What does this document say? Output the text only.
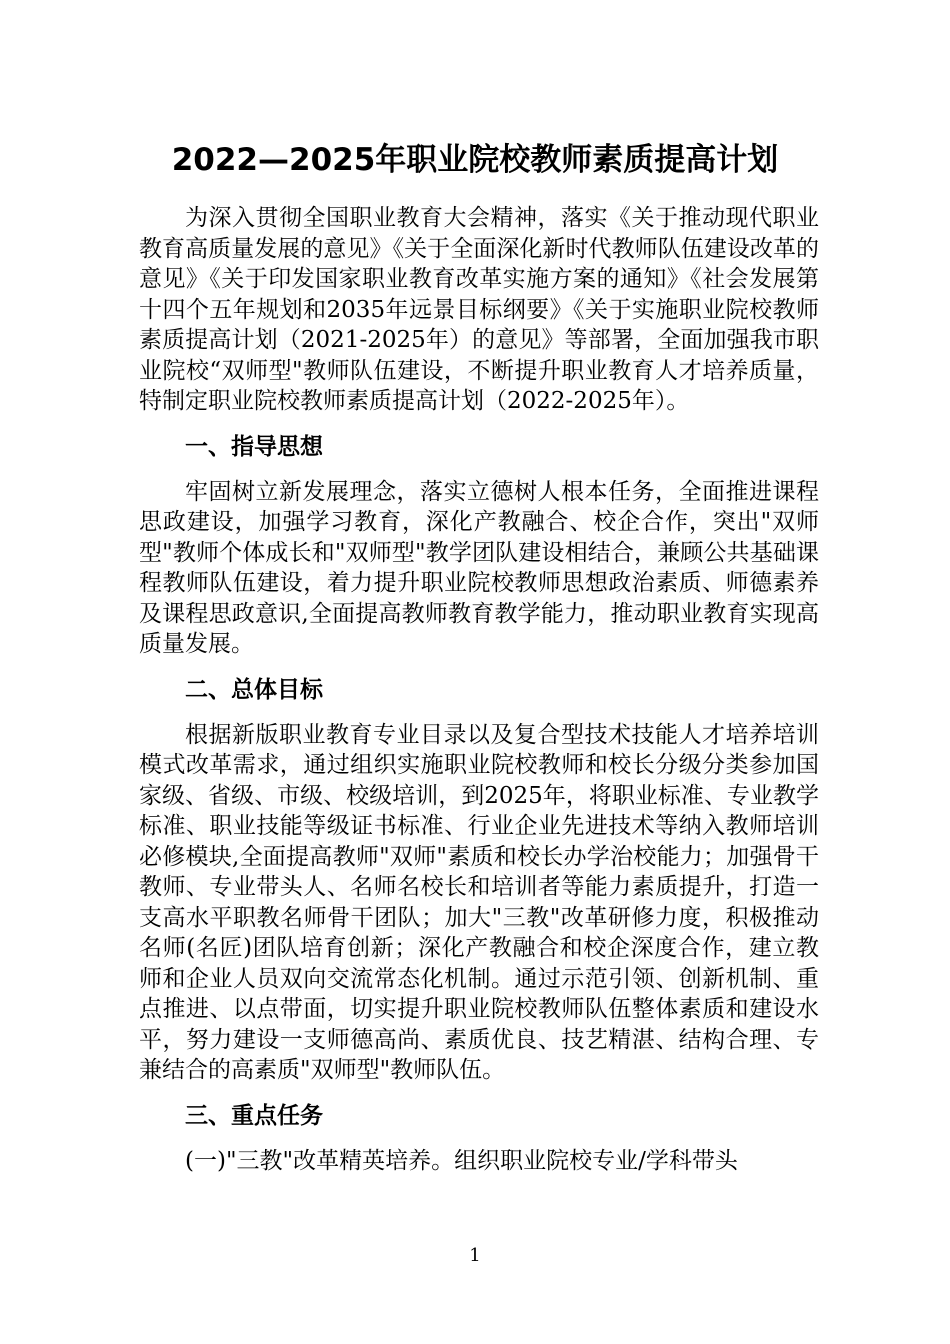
2022—2025年职业院校教师素质提高计划

为深入贯彻全国职业教育大会精神，落实《关于推动现代职业教育高质量发展的意见》《关于全面深化新时代教师队伍建设改革的意见》《关于印发国家职业教育改革实施方案的通知》《社会发展第十四个五年规划和2035年远景目标纲要》《关于实施职业院校教师素质提高计划（2021-2025年）的意见》等部署，全面加强我市职业院校“双师型"教师队伍建设，不断提升职业教育人才培养质量，特制定职业院校教师素质提高计划（2022-2025年）。

一、指导思想

牢固树立新发展理念，落实立德树人根本任务，全面推进课程思政建设，加强学习教育，深化产教融合、校企合作，突出"双师型"教师个体成长和"双师型"教学团队建设相结合，兼顾公共基础课程教师队伍建设，着力提升职业院校教师思想政治素质、师德素养及课程思政意识,全面提高教师教育教学能力，推动职业教育实现高质量发展。

二、总体目标

根据新版职业教育专业目录以及复合型技术技能人才培养培训模式改革需求，通过组织实施职业院校教师和校长分级分类参加国家级、省级、市级、校级培训，到2025年，将职业标准、专业教学标准、职业技能等级证书标准、行业企业先进技术等纳入教师培训必修模块,全面提高教师"双师"素质和校长办学治校能力；加强骨干教师、专业带头人、名师名校长和培训者等能力素质提升，打造一支高水平职教名师骨干团队；加大"三教"改革研修力度，积极推动名师(名匠)团队培育创新；深化产教融合和校企深度合作，建立教师和企业人员双向交流常态化机制。通过示范引领、创新机制、重点推进、以点带面，切实提升职业院校教师队伍整体素质和建设水平，努力建设一支师德高尚、素质优良、技艺精湛、结构合理、专兼结合的高素质"双师型"教师队伍。

三、重点任务

(一)"三教"改革精英培养。组织职业院校专业/学科带头

1
